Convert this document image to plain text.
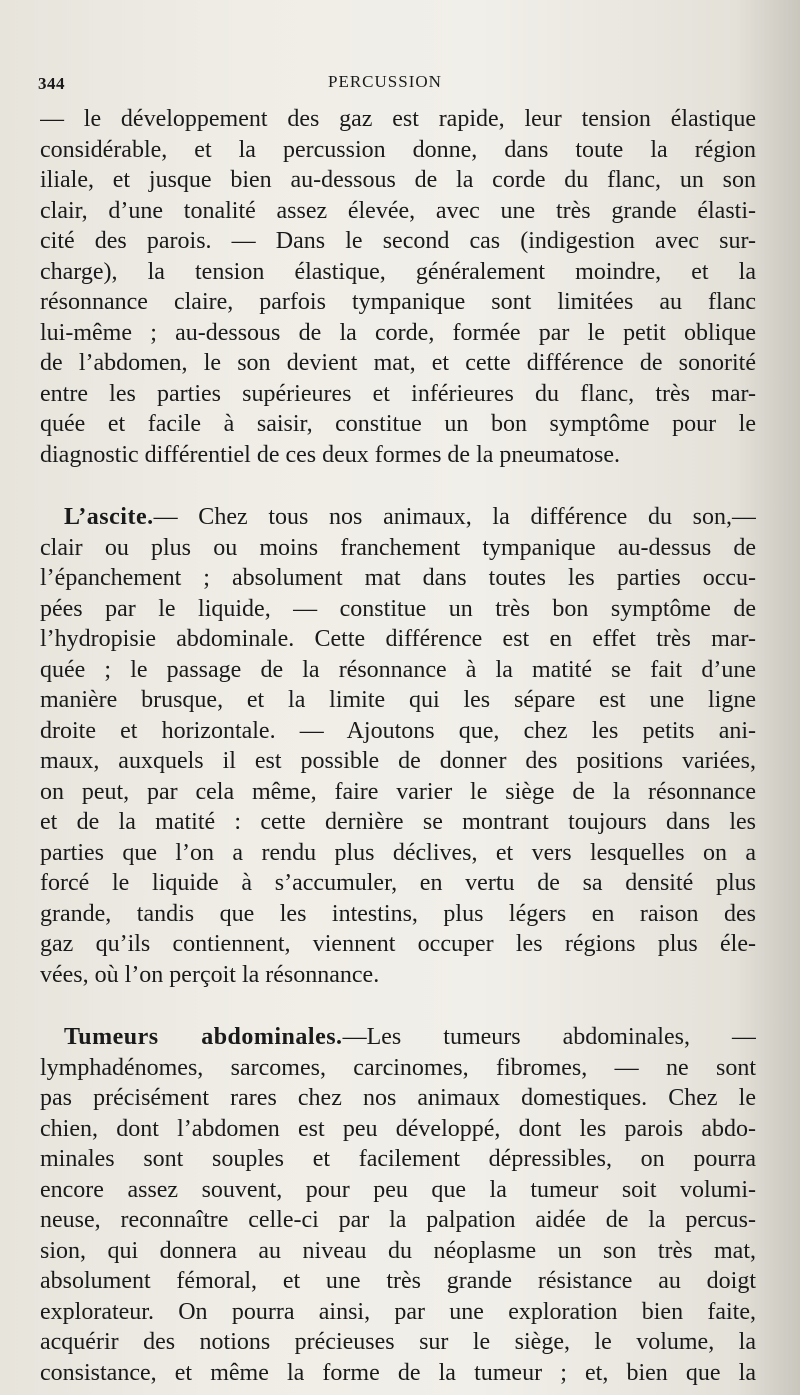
344	PERCUSSION

— le développement des gaz est rapide, leur tension élastique
considérable, et la percussion donne, dans toute la région
iliale, et jusque bien au-dessous de la corde du flanc, un son
clair, d’une tonalité assez élevée, avec une très grande élasti-
cité des parois. — Dans le second cas (indigestion avec sur-
charge), la tension élastique, généralement moindre, et la
résonnance claire, parfois tympanique sont limitées au flanc
lui-même ; au-dessous de la corde, formée par le petit oblique
de l’abdomen, le son devient mat, et cette différence de sonorité
entre les parties supérieures et inférieures du flanc, très mar-
quée et facile à saisir, constitue un bon symptôme pour le
diagnostic différentiel de ces deux formes de la pneumatose.

L’ascite.— Chez tous nos animaux, la différence du son,—
clair ou plus ou moins franchement tympanique au-dessus de
l’épanchement ; absolument mat dans toutes les parties occu-
pées par le liquide, — constitue un très bon symptôme de
l’hydropisie abdominale. Cette différence est en effet très mar-
quée ; le passage de la résonnance à la matité se fait d’une
manière brusque, et la limite qui les sépare est une ligne
droite et horizontale. — Ajoutons que, chez les petits ani-
maux, auxquels il est possible de donner des positions variées,
on peut, par cela même, faire varier le siège de la résonnance
et de la matité : cette dernière se montrant toujours dans les
parties que l’on a rendu plus déclives, et vers lesquelles on a
forcé le liquide à s’accumuler, en vertu de sa densité plus
grande, tandis que les intestins, plus légers en raison des
gaz qu’ils contiennent, viennent occuper les régions plus éle-
vées, où l’on perçoit la résonnance.

Tumeurs abdominales.—Les tumeurs abdominales, —
lymphadénomes, sarcomes, carcinomes, fibromes, — ne sont
pas précisément rares chez nos animaux domestiques. Chez le
chien, dont l’abdomen est peu développé, dont les parois abdo-
minales sont souples et facilement dépressibles, on pourra
encore assez souvent, pour peu que la tumeur soit volumi-
neuse, reconnaître celle-ci par la palpation aidée de la percus-
sion, qui donnera au niveau du néoplasme un son très mat,
absolument fémoral, et une très grande résistance au doigt
explorateur. On pourra ainsi, par une exploration bien faite,
acquérir des notions précieuses sur le siège, le volume, la
consistance, et même la forme de la tumeur ; et, bien que la
